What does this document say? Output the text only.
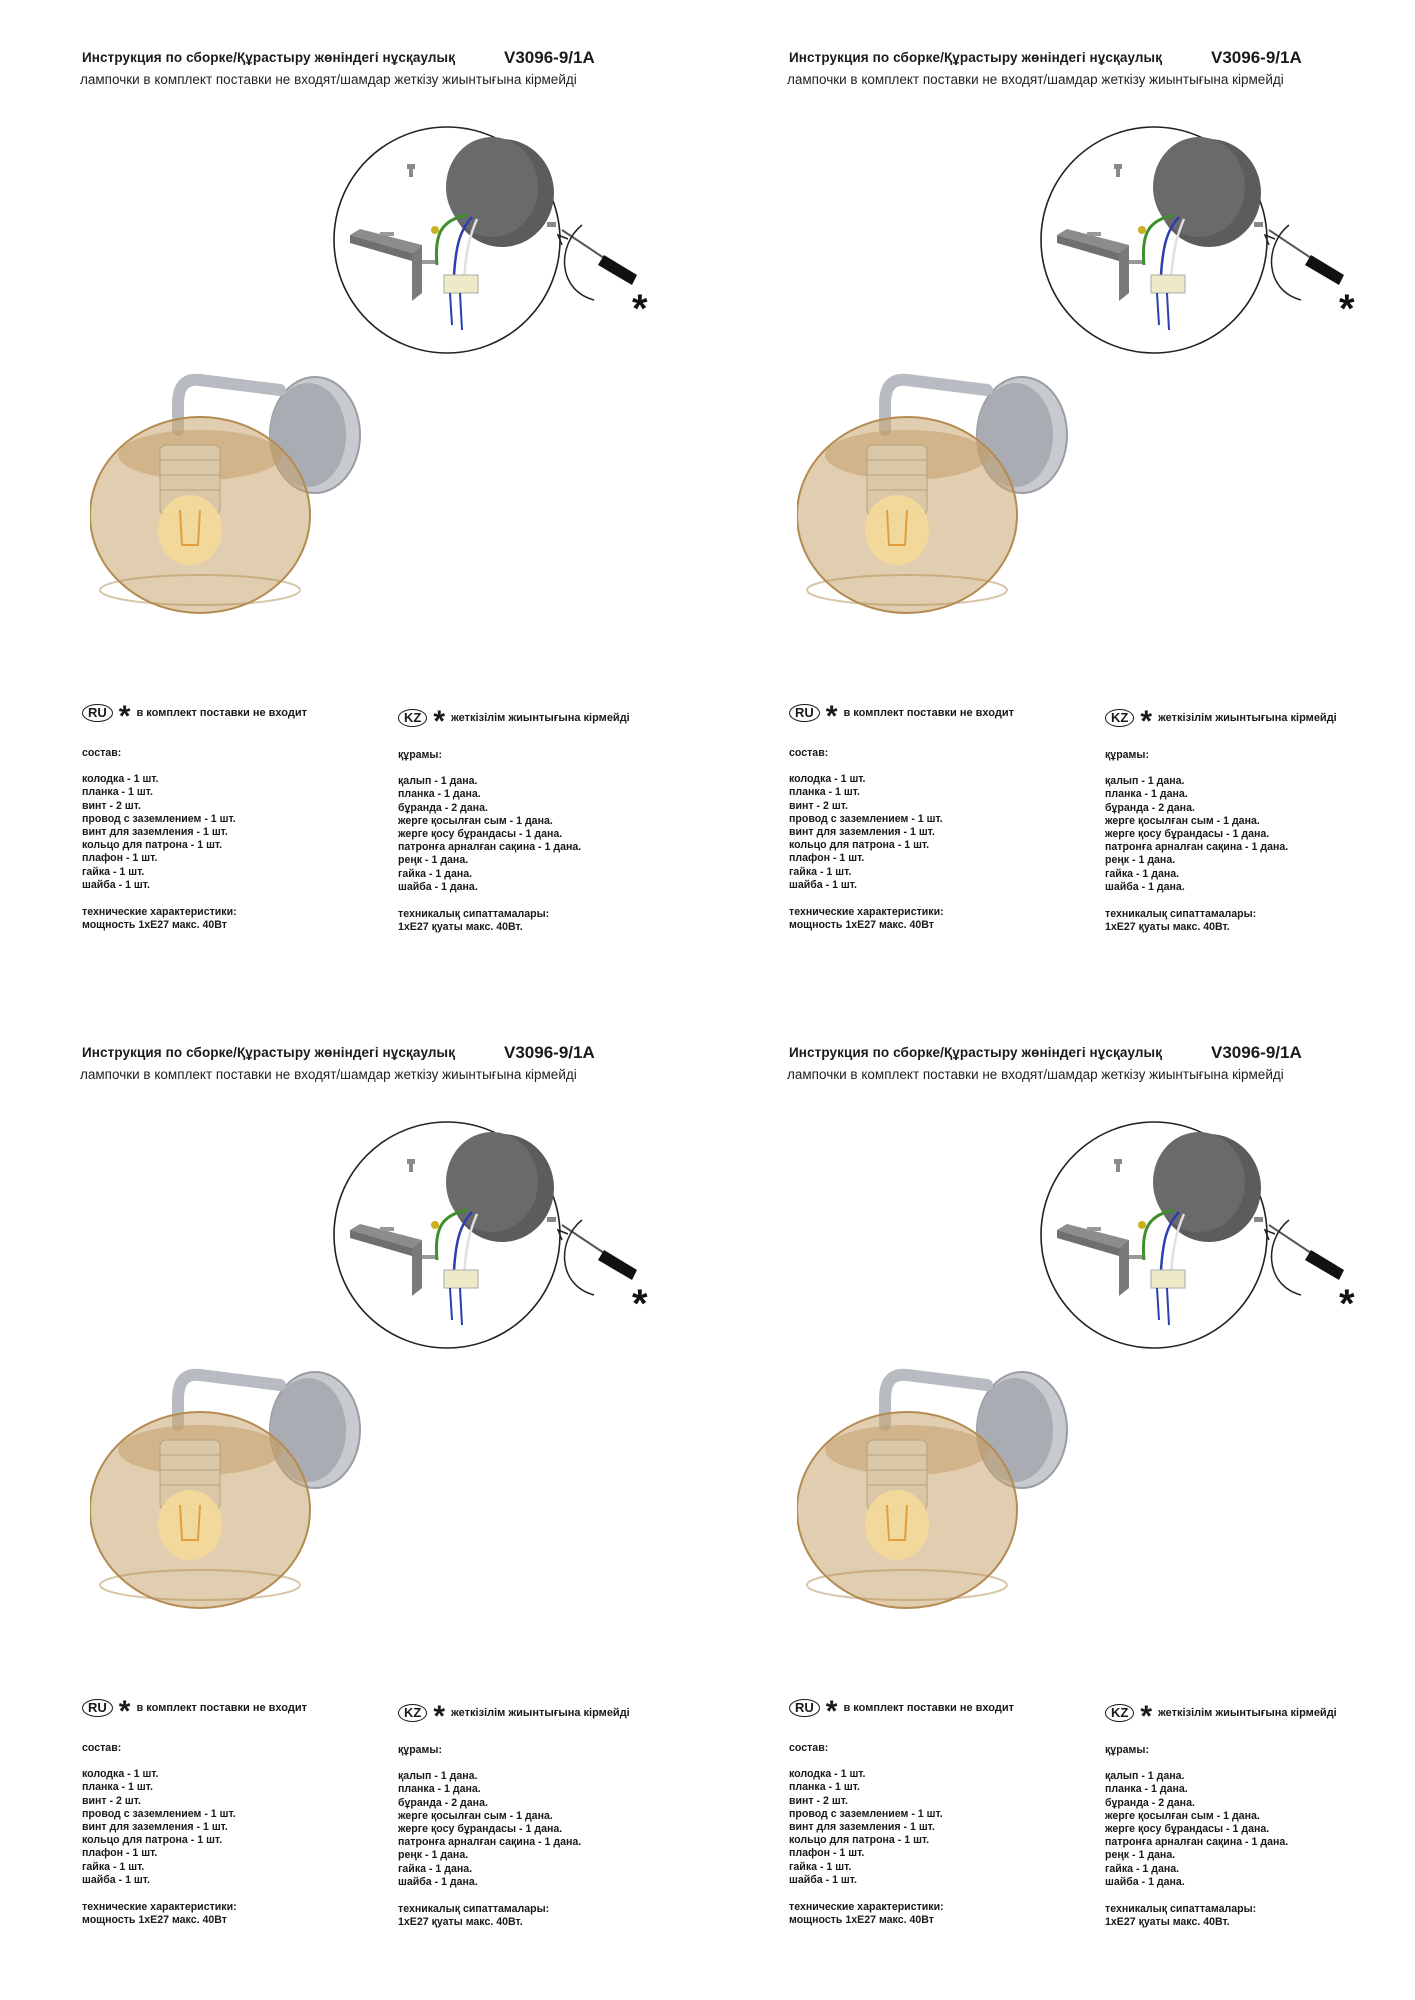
Инструкция по сборке/Құрастыру жөніндегі нұсқаулық	V3096-9/1A
лампочки в комплект поставки не входят/шамдар жеткізу жиынтығына кірмейді
*
RU * в комплект поставки не входит	KZ * жеткізілім жиынтығына кірмейді
состав:
колодка - 1 шт.
планка - 1 шт.
винт - 2 шт.
провод с заземлением - 1 шт.
винт для заземления - 1 шт.
кольцо для патрона - 1 шт.
плафон - 1 шт.
гайка - 1 шт.
шайба - 1 шт.
технические характеристики:
мощность 1хЕ27 макс. 40Вт
құрамы:
қалып - 1 дана.
планка - 1 дана.
бұранда - 2 дана.
жерге қосылған сым - 1 дана.
жерге қосу бұрандасы - 1 дана.
патронға арналған сақина - 1 дана.
реңк - 1 дана.
гайка - 1 дана.
шайба - 1 дана.
техникалық сипаттамалары:
1хЕ27 қуаты макс. 40Вт.
Инструкция по сборке/Құрастыру жөніндегі нұсқаулық	V3096-9/1A
лампочки в комплект поставки не входят/шамдар жеткізу жиынтығына кірмейді
*
RU * в комплект поставки не входит	KZ * жеткізілім жиынтығына кірмейді
состав:
колодка - 1 шт.
планка - 1 шт.
винт - 2 шт.
провод с заземлением - 1 шт.
винт для заземления - 1 шт.
кольцо для патрона - 1 шт.
плафон - 1 шт.
гайка - 1 шт.
шайба - 1 шт.
технические характеристики:
мощность 1хЕ27 макс. 40Вт
құрамы:
қалып - 1 дана.
планка - 1 дана.
бұранда - 2 дана.
жерге қосылған сым - 1 дана.
жерге қосу бұрандасы - 1 дана.
патронға арналған сақина - 1 дана.
реңк - 1 дана.
гайка - 1 дана.
шайба - 1 дана.
техникалық сипаттамалары:
1хЕ27 қуаты макс. 40Вт.
Инструкция по сборке/Құрастыру жөніндегі нұсқаулық	V3096-9/1A
лампочки в комплект поставки не входят/шамдар жеткізу жиынтығына кірмейді
*
RU * в комплект поставки не входит	KZ * жеткізілім жиынтығына кірмейді
состав:
колодка - 1 шт.
планка - 1 шт.
винт - 2 шт.
провод с заземлением - 1 шт.
винт для заземления - 1 шт.
кольцо для патрона - 1 шт.
плафон - 1 шт.
гайка - 1 шт.
шайба - 1 шт.
технические характеристики:
мощность 1хЕ27 макс. 40Вт
құрамы:
қалып - 1 дана.
планка - 1 дана.
бұранда - 2 дана.
жерге қосылған сым - 1 дана.
жерге қосу бұрандасы - 1 дана.
патронға арналған сақина - 1 дана.
реңк - 1 дана.
гайка - 1 дана.
шайба - 1 дана.
техникалық сипаттамалары:
1хЕ27 қуаты макс. 40Вт.
Инструкция по сборке/Құрастыру жөніндегі нұсқаулық	V3096-9/1A
лампочки в комплект поставки не входят/шамдар жеткізу жиынтығына кірмейді
*
RU * в комплект поставки не входит	KZ * жеткізілім жиынтығына кірмейді
состав:
колодка - 1 шт.
планка - 1 шт.
винт - 2 шт.
провод с заземлением - 1 шт.
винт для заземления - 1 шт.
кольцо для патрона - 1 шт.
плафон - 1 шт.
гайка - 1 шт.
шайба - 1 шт.
технические характеристики:
мощность 1хЕ27 макс. 40Вт
құрамы:
қалып - 1 дана.
планка - 1 дана.
бұранда - 2 дана.
жерге қосылған сым - 1 дана.
жерге қосу бұрандасы - 1 дана.
патронға арналған сақина - 1 дана.
реңк - 1 дана.
гайка - 1 дана.
шайба - 1 дана.
техникалық сипаттамалары:
1хЕ27 қуаты макс. 40Вт.
